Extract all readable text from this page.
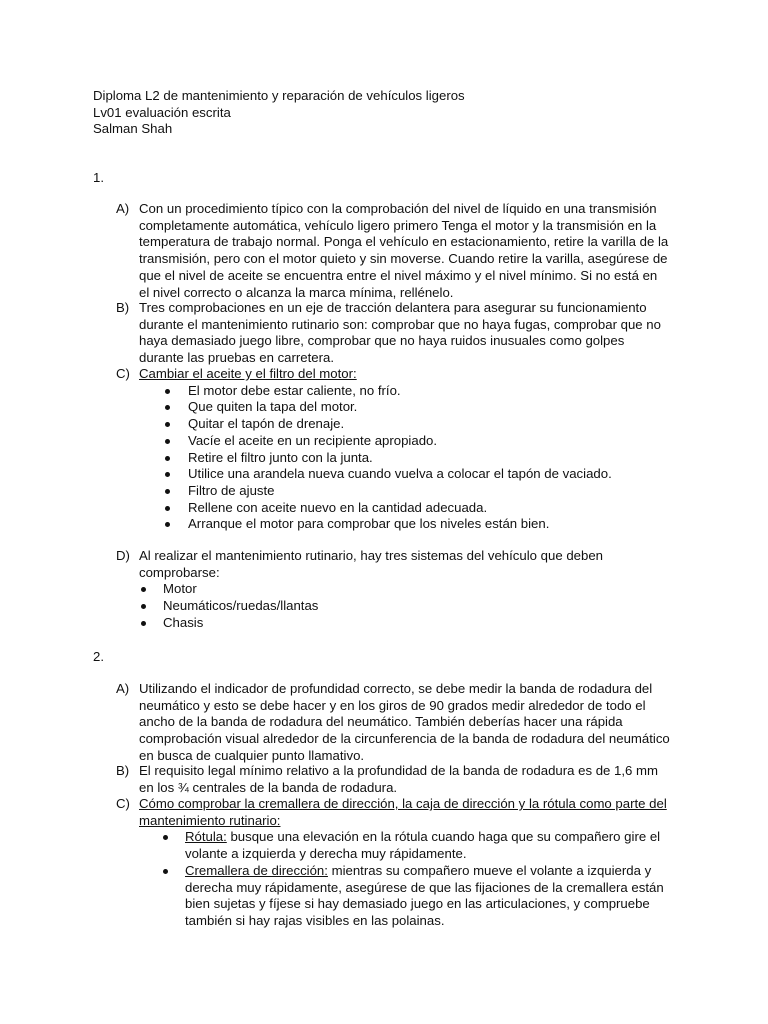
Diploma L2 de mantenimiento y reparación de vehículos ligeros
Lv01 evaluación escrita
Salman Shah
1.
A) Con un procedimiento típico con la comprobación del nivel de líquido en una transmisión completamente automática, vehículo ligero primero Tenga el motor y la transmisión en la temperatura de trabajo normal. Ponga el vehículo en estacionamiento, retire la varilla de la transmisión, pero con el motor quieto y sin moverse. Cuando retire la varilla, asegúrese de que el nivel de aceite se encuentra entre el nivel máximo y el nivel mínimo. Si no está en el nivel correcto o alcanza la marca mínima, rellénelo.
B) Tres comprobaciones en un eje de tracción delantera para asegurar su funcionamiento durante el mantenimiento rutinario son: comprobar que no haya fugas, comprobar que no haya demasiado juego libre, comprobar que no haya ruidos inusuales como golpes durante las pruebas en carretera.
C) Cambiar el aceite y el filtro del motor:
El motor debe estar caliente, no frío.
Que quiten la tapa del motor.
Quitar el tapón de drenaje.
Vacíe el aceite en un recipiente apropiado.
Retire el filtro junto con la junta.
Utilice una arandela nueva cuando vuelva a colocar el tapón de vaciado.
Filtro de ajuste
Rellene con aceite nuevo en la cantidad adecuada.
Arranque el motor para comprobar que los niveles están bien.
D) Al realizar el mantenimiento rutinario, hay tres sistemas del vehículo que deben comprobarse:
Motor
Neumáticos/ruedas/llantas
Chasis
2.
A) Utilizando el indicador de profundidad correcto, se debe medir la banda de rodadura del neumático y esto se debe hacer y en los giros de 90 grados medir alrededor de todo el ancho de la banda de rodadura del neumático. También deberías hacer una rápida comprobación visual alrededor de la circunferencia de la banda de rodadura del neumático en busca de cualquier punto llamativo.
B) El requisito legal mínimo relativo a la profundidad de la banda de rodadura es de 1,6 mm en los ¾ centrales de la banda de rodadura.
C) Cómo comprobar la cremallera de dirección, la caja de dirección y la rótula como parte del mantenimiento rutinario:
Rótula: busque una elevación en la rótula cuando haga que su compañero gire el volante a izquierda y derecha muy rápidamente.
Cremallera de dirección: mientras su compañero mueve el volante a izquierda y derecha muy rápidamente, asegúrese de que las fijaciones de la cremallera están bien sujetas y fíjese si hay demasiado juego en las articulaciones, y compruebe también si hay rajas visibles en las polainas.
